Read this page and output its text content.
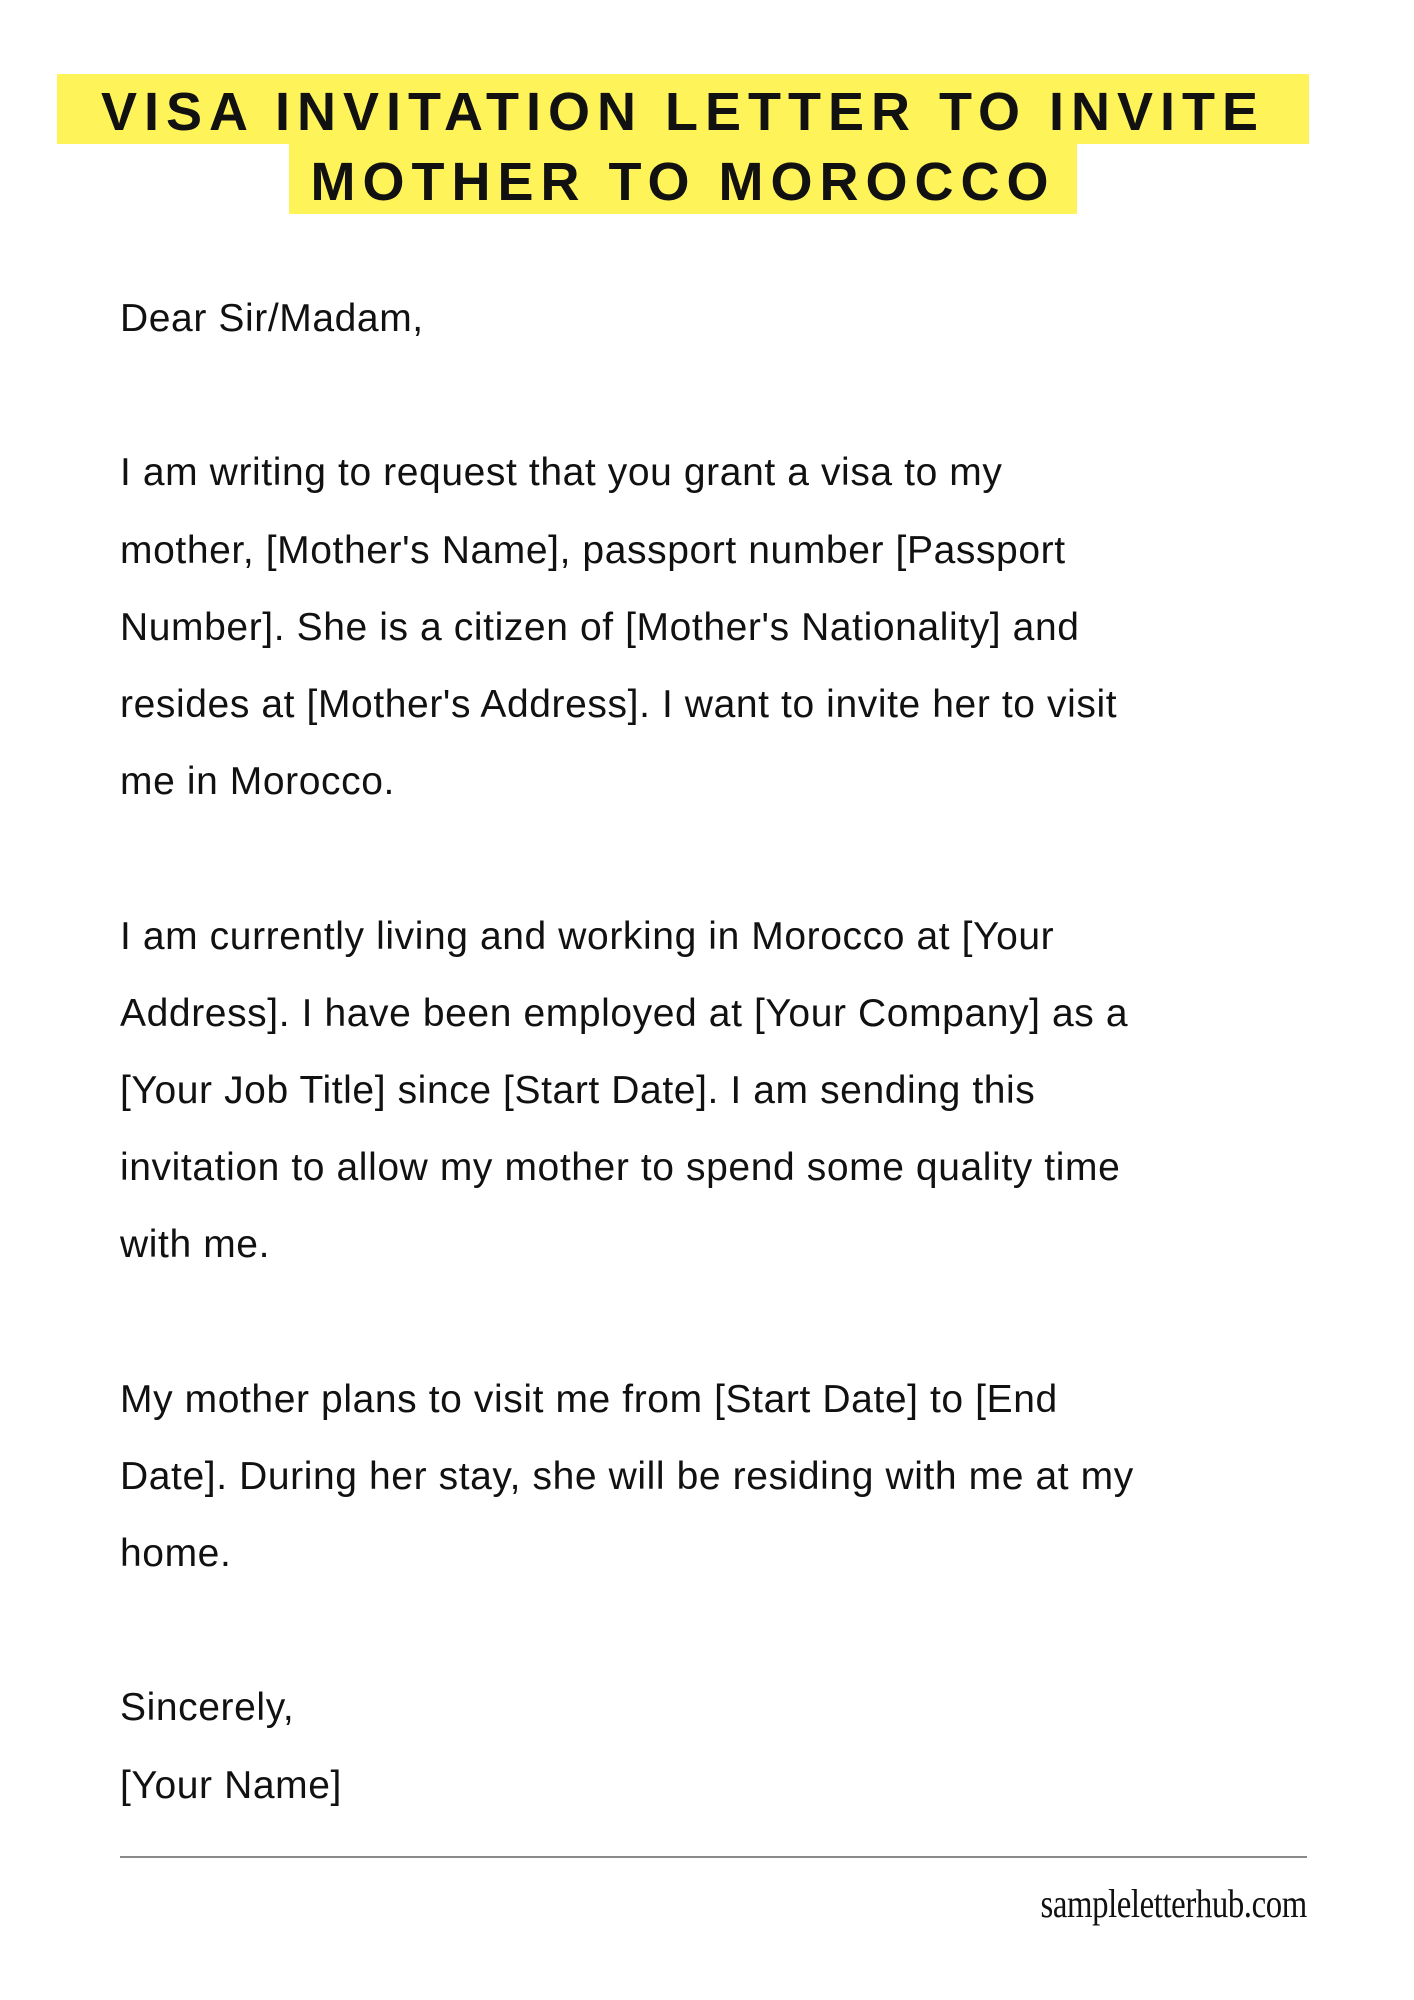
VISA INVITATION LETTER TO INVITE
MOTHER TO MOROCCO
Dear Sir/Madam,
I am writing to request that you grant a visa to my
mother, [Mother's Name], passport number [Passport
Number]. She is a citizen of [Mother's Nationality] and
resides at [Mother's Address]. I want to invite her to visit
me in Morocco.
I am currently living and working in Morocco at [Your
Address]. I have been employed at [Your Company] as a
[Your Job Title] since [Start Date]. I am sending this
invitation to allow my mother to spend some quality time
with me.
My mother plans to visit me from [Start Date] to [End
Date]. During her stay, she will be residing with me at my
home.
Sincerely,
[Your Name]
sampleletterhub.com
